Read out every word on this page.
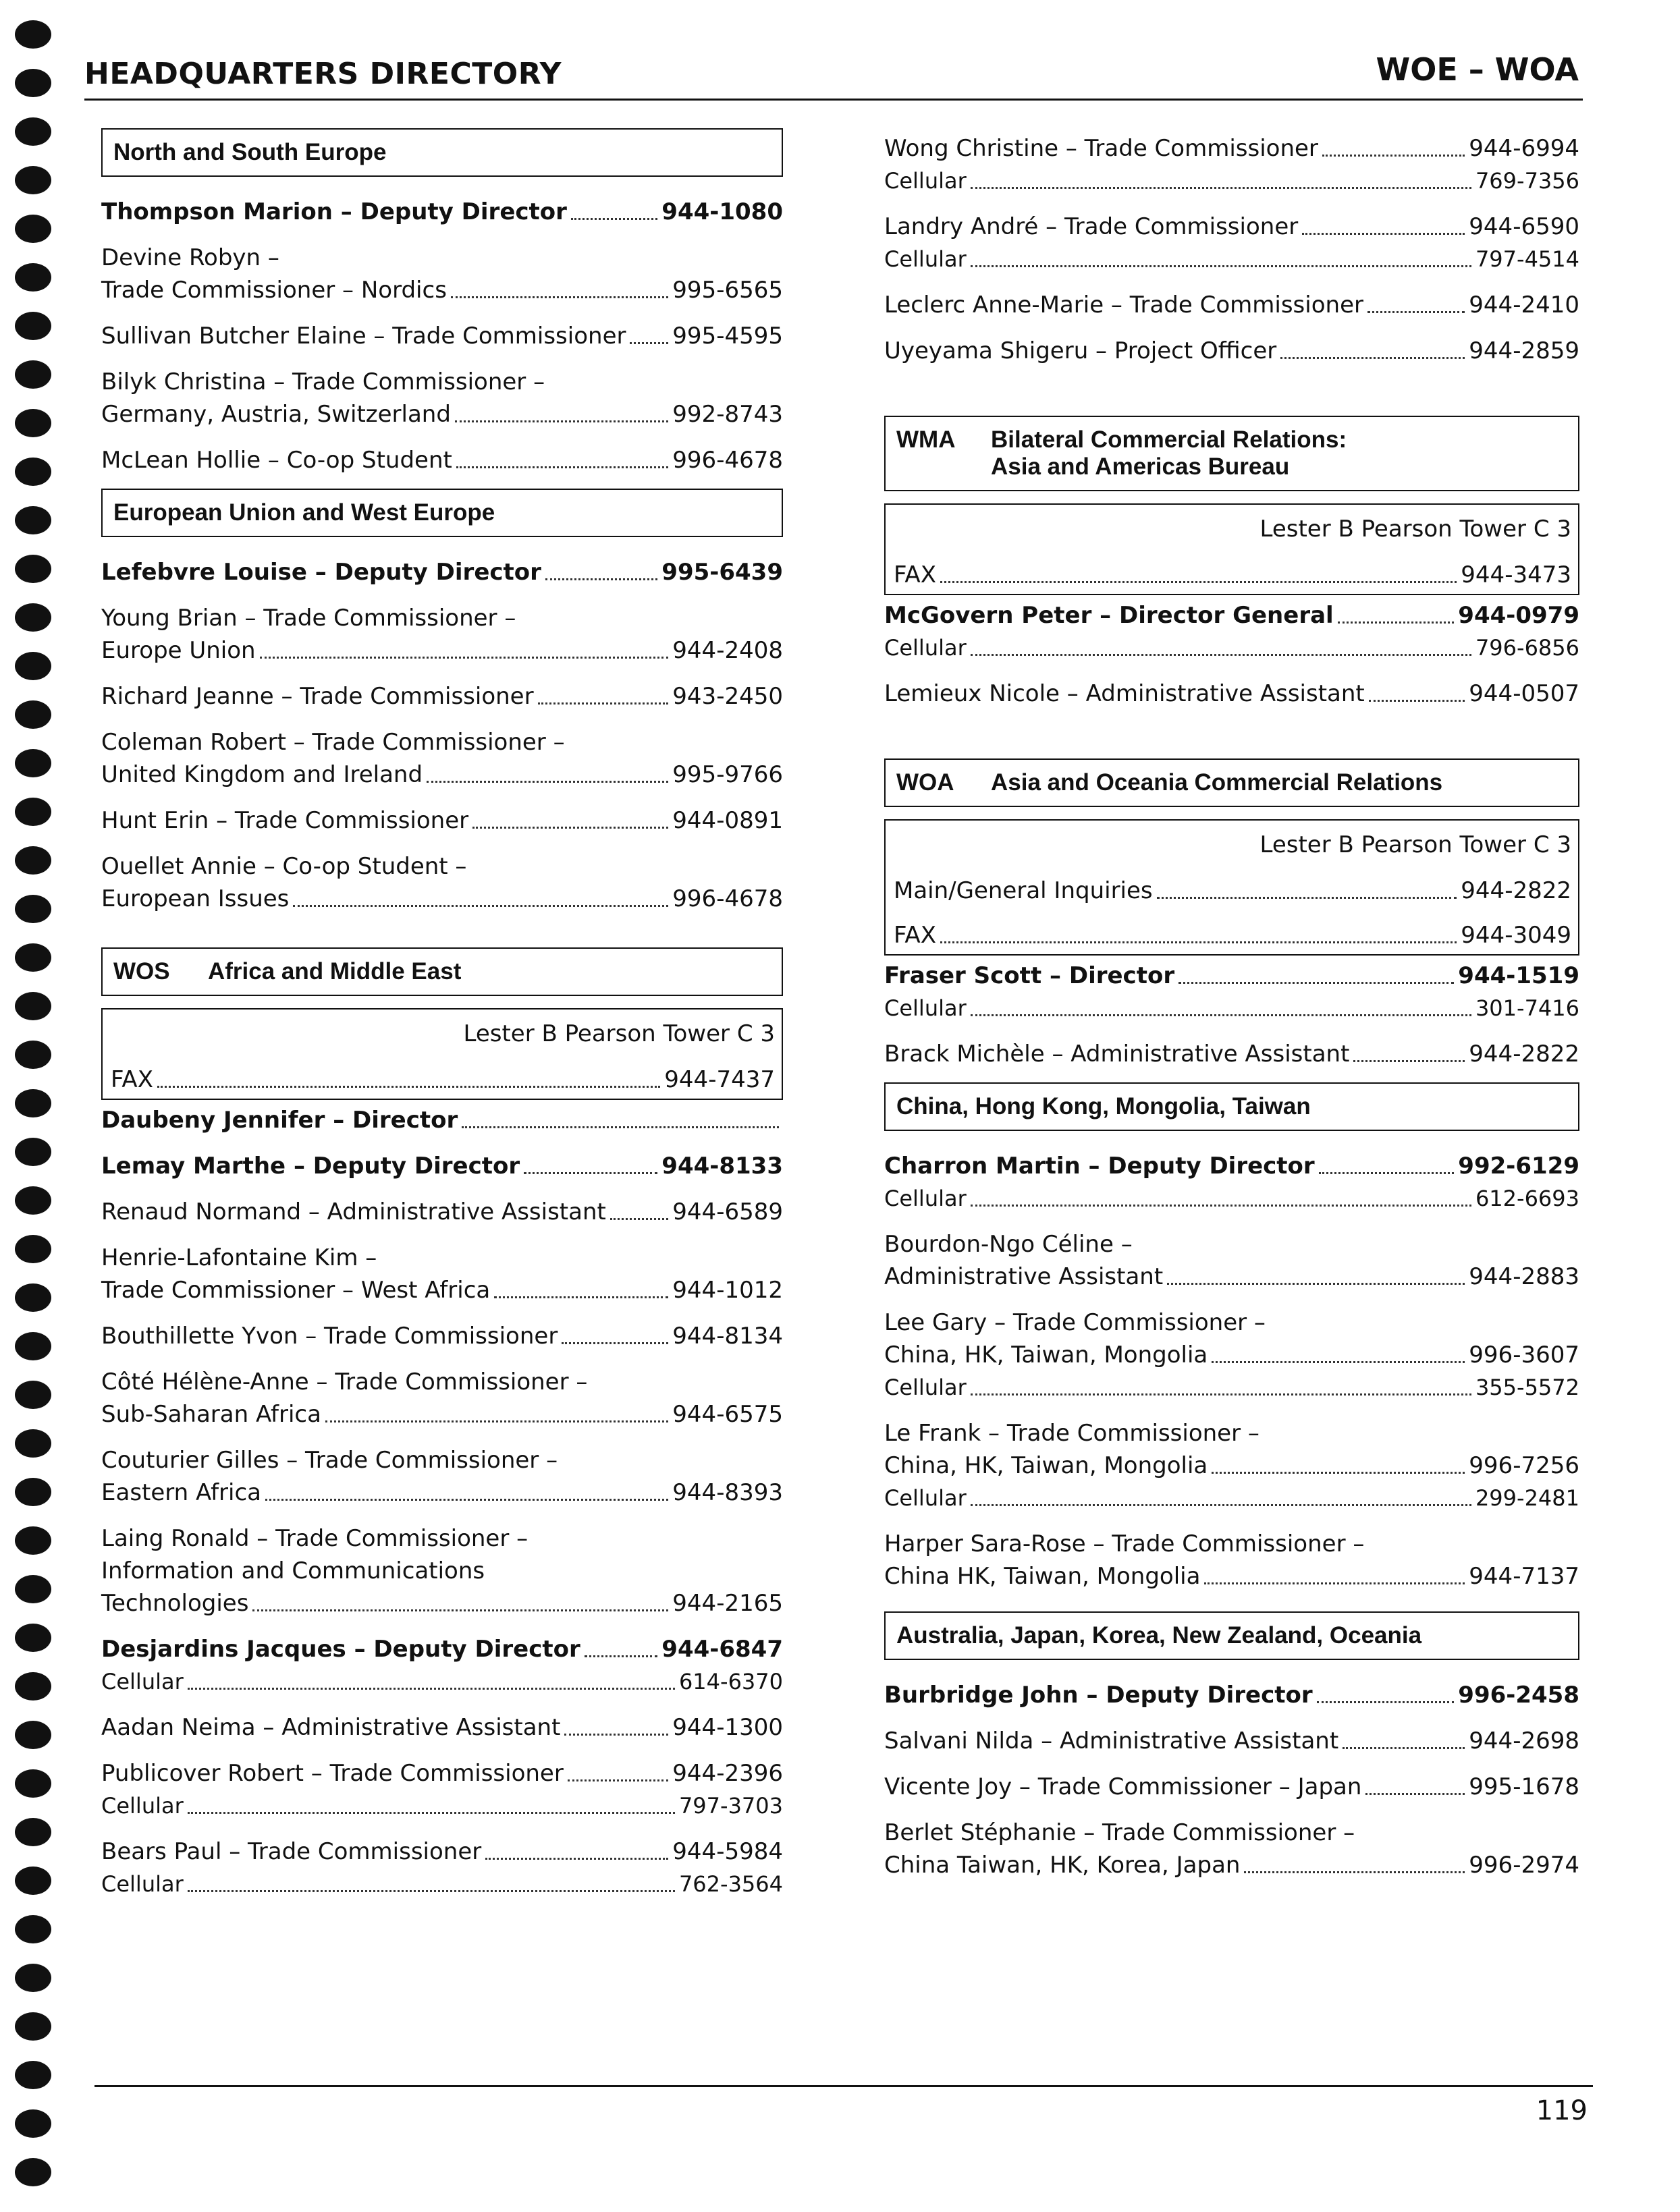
HEADQUARTERS DIRECTORY	WOE – WOA
North and South Europe
Thompson Marion – Deputy Director	944-1080
Devine Robyn –
Trade Commissioner – Nordics	995-6565
Sullivan Butcher Elaine – Trade Commissioner 995-4595
Bilyk Christina – Trade Commissioner –
Germany, Austria, Switzerland	992-8743
McLean Hollie – Co-op Student	996-4678
European Union and West Europe
Lefebvre Louise – Deputy Director	995-6439
Young Brian – Trade Commissioner –
Europe Union	944-2408
Richard Jeanne – Trade Commissioner	943-2450
Coleman Robert – Trade Commissioner –
United Kingdom and Ireland	995-9766
Hunt Erin – Trade Commissioner	944-0891
Ouellet Annie – Co-op Student –
European Issues	996-4678
WOS Africa and Middle East
Lester B Pearson Tower C 3
FAX	944-7437
Daubeny Jennifer – Director
Lemay Marthe – Deputy Director	944-8133
Renaud Normand – Administrative Assistant	944-6589
Henrie-Lafontaine Kim –
Trade Commissioner – West Africa	944-1012
Bouthillette Yvon – Trade Commissioner	944-8134
Côté Hélène-Anne – Trade Commissioner –
Sub-Saharan Africa	944-6575
Couturier Gilles – Trade Commissioner –
Eastern Africa	944-8393
Laing Ronald – Trade Commissioner –
Information and Communications
Technologies	944-2165
Desjardins Jacques – Deputy Director	944-6847
Cellular	614-6370
Aadan Neima – Administrative Assistant	944-1300
Publicover Robert – Trade Commissioner	944-2396
Cellular	797-3703
Bears Paul – Trade Commissioner	944-5984
Cellular	762-3564
Wong Christine – Trade Commissioner	944-6994
Cellular	769-7356
Landry André – Trade Commissioner	944-6590
Cellular	797-4514
Leclerc Anne-Marie – Trade Commissioner	944-2410
Uyeyama Shigeru – Project Officer	944-2859
WMA Bilateral Commercial Relations:
Asia and Americas Bureau
Lester B Pearson Tower C 3
FAX	944-3473
McGovern Peter – Director General	944-0979
Cellular	796-6856
Lemieux Nicole – Administrative Assistant	944-0507
WOA Asia and Oceania Commercial Relations
Lester B Pearson Tower C 3
Main/General Inquiries	944-2822
FAX	944-3049
Fraser Scott – Director	944-1519
Cellular	301-7416
Brack Michèle – Administrative Assistant	944-2822
China, Hong Kong, Mongolia, Taiwan
Charron Martin – Deputy Director	992-6129
Cellular	612-6693
Bourdon-Ngo Céline –
Administrative Assistant	944-2883
Lee Gary – Trade Commissioner –
China, HK, Taiwan, Mongolia	996-3607
Cellular	355-5572
Le Frank – Trade Commissioner –
China, HK, Taiwan, Mongolia	996-7256
Cellular	299-2481
Harper Sara-Rose – Trade Commissioner –
China HK, Taiwan, Mongolia	944-7137
Australia, Japan, Korea, New Zealand, Oceania
Burbridge John – Deputy Director	996-2458
Salvani Nilda – Administrative Assistant	944-2698
Vicente Joy – Trade Commissioner – Japan	995-1678
Berlet Stéphanie – Trade Commissioner –
China Taiwan, HK, Korea, Japan	996-2974
119
